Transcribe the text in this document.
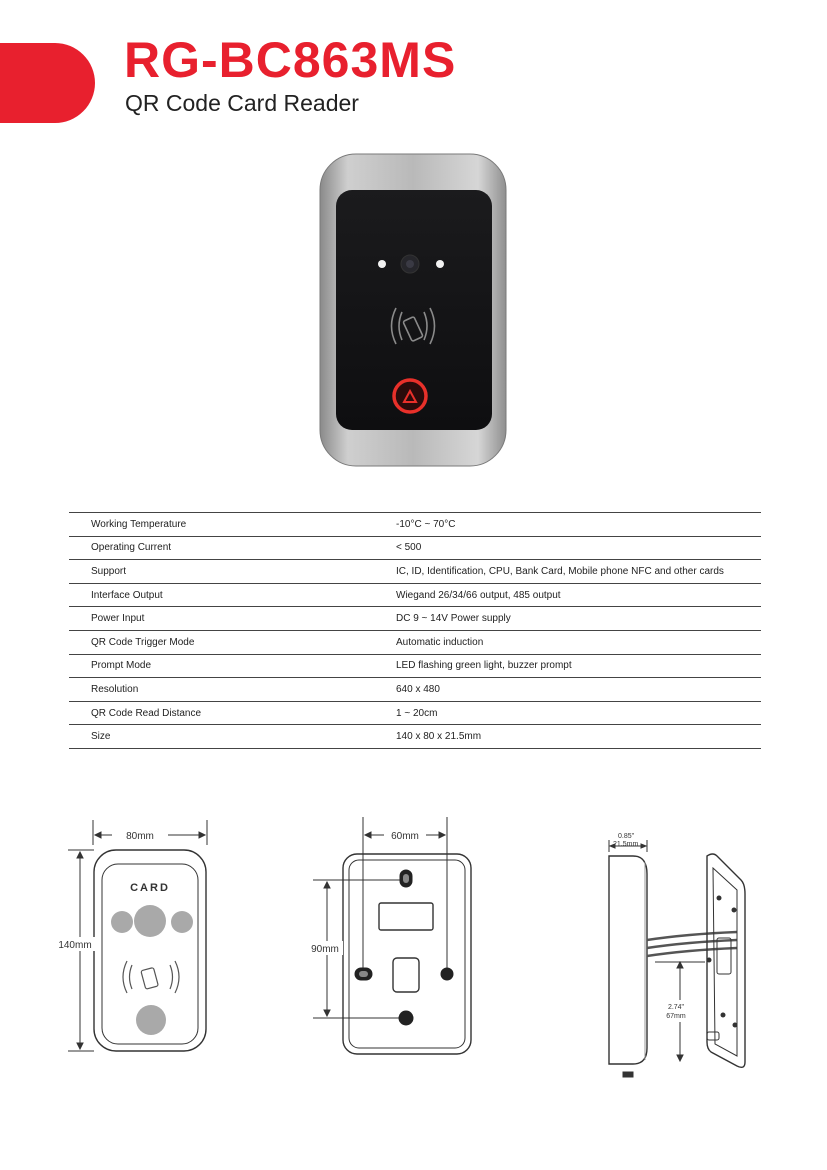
RG-BC863MS
QR Code Card Reader
Working Temperature	-10°C ~ 70°C
Operating Current	< 500
Support	IC, ID, Identification, CPU, Bank Card, Mobile phone NFC and other cards
Interface Output	Wiegand 26/34/66 output, 485 output
Power Input	DC 9 ~ 14V Power supply
QR Code Trigger Mode	Automatic induction
Prompt Mode	LED flashing green light, buzzer prompt
Resolution	640 x 480
QR Code Read Distance	1 ~ 20cm
Size	140 x 80 x 21.5mm
80mm
140mm
CARD
60mm
90mm
0.85"
21.5mm
2.74"
67mm
